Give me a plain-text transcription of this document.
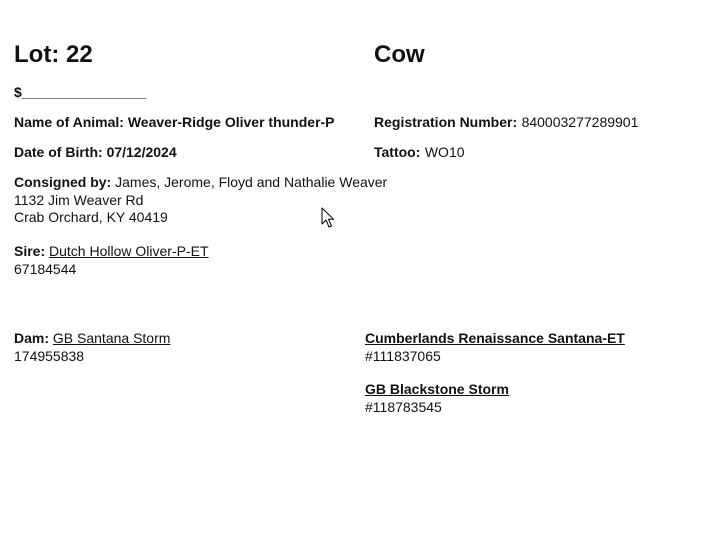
Lot: 22	Cow
$________________
Name of Animal: Weaver-Ridge Oliver thunder-P	Registration Number: 840003277289901
Date of Birth: 07/12/2024	Tattoo: WO10
Consigned by: James, Jerome, Floyd and Nathalie Weaver
1132 Jim Weaver Rd
Crab Orchard, KY 40419
Sire: Dutch Hollow Oliver-P-ET
67184544
Dam: GB Santana Storm
174955838
Cumberlands Renaissance Santana-ET
#111837065
GB Blackstone Storm
#118783545
